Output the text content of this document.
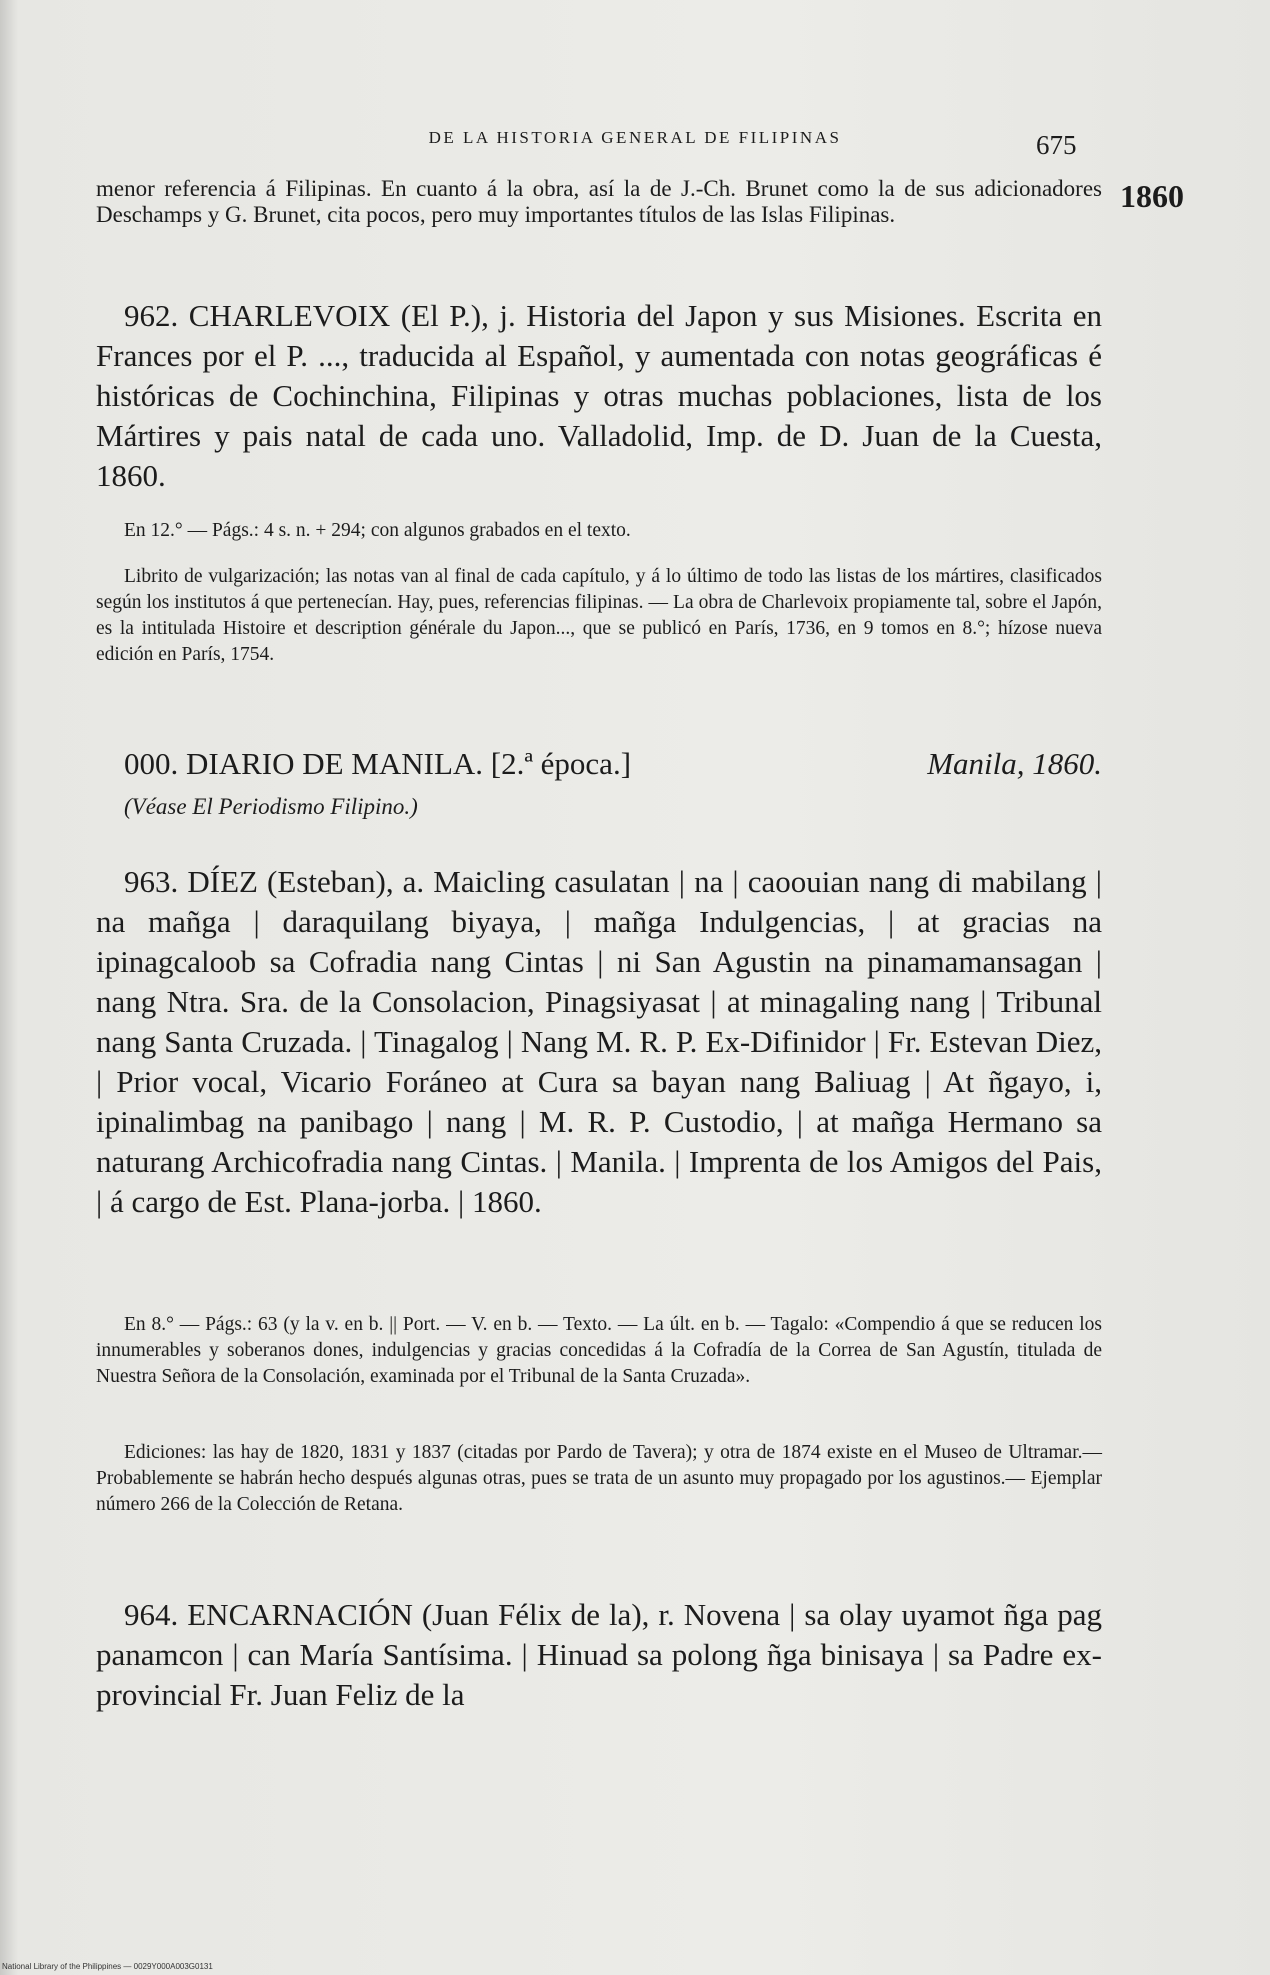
DE LA HISTORIA GENERAL DE FILIPINAS	675
1860

menor referencia á Filipinas. En cuanto á la obra, así la de J.-Ch. Brunet como la de sus adicionadores Deschamps y G. Brunet, cita pocos, pero muy importantes títulos de las Islas Filipinas.

962. CHARLEVOIX (El P.), j. Historia del Japon y sus Misiones. Escrita en Frances por el P. ..., traducida al Español, y aumentada con notas geográficas é históricas de Cochinchina, Filipinas y otras muchas poblaciones, lista de los Mártires y pais natal de cada uno. Valladolid, Imp. de D. Juan de la Cuesta, 1860.

En 12.° — Págs.: 4 s. n. + 294; con algunos grabados en el texto.

Librito de vulgarización; las notas van al final de cada capítulo, y á lo último de todo las listas de los mártires, clasificados según los institutos á que pertenecían. Hay, pues, referencias filipinas. — La obra de Charlevoix propiamente tal, sobre el Japón, es la intitulada Histoire et description générale du Japon..., que se publicó en París, 1736, en 9 tomos en 8.°; hízose nueva edición en París, 1754.

000. DIARIO DE MANILA. [2.ª época.]	Manila, 1860.
(Véase El Periodismo Filipino.)

963. DÍEZ (Esteban), a. Maicling casulatan | na | caoouian nang di mabilang | na mañga | daraquilang biyaya, | mañga Indulgencias, | at gracias na ipinagcaloob sa Cofradia nang Cintas | ni San Agustin na pinamamansagan | nang Ntra. Sra. de la Consolacion, Pinagsiyasat | at minagaling nang | Tribunal nang Santa Cruzada. | Tinagalog | Nang M. R. P. Ex-Difinidor | Fr. Estevan Diez, | Prior vocal, Vicario Foráneo at Cura sa bayan nang Baliuag | At ñgayo, i, ipinalimbag na panibago | nang | M. R. P. Custodio, | at mañga Hermano sa naturang Archicofradia nang Cintas. | Manila. | Imprenta de los Amigos del Pais, | á cargo de Est. Plana-jorba. | 1860.

En 8.° — Págs.: 63 (y la v. en b. || Port. — V. en b. — Texto. — La últ. en b. — Tagalo: «Compendio á que se reducen los innumerables y soberanos dones, indulgencias y gracias concedidas á la Cofradía de la Correa de San Agustín, titulada de Nuestra Señora de la Consolación, examinada por el Tribunal de la Santa Cruzada».

Ediciones: las hay de 1820, 1831 y 1837 (citadas por Pardo de Tavera); y otra de 1874 existe en el Museo de Ultramar.—Probablemente se habrán hecho después algunas otras, pues se trata de un asunto muy propagado por los agustinos.— Ejemplar número 266 de la Colección de Retana.

964. ENCARNACIÓN (Juan Félix de la), r. Novena | sa olay uyamot ñga pag panamcon | can María Santísima. | Hinuad sa polong ñga binisaya | sa Padre ex-provincial Fr. Juan Feliz de la

National Library of the Philippines — 0029Y000A003G0131
